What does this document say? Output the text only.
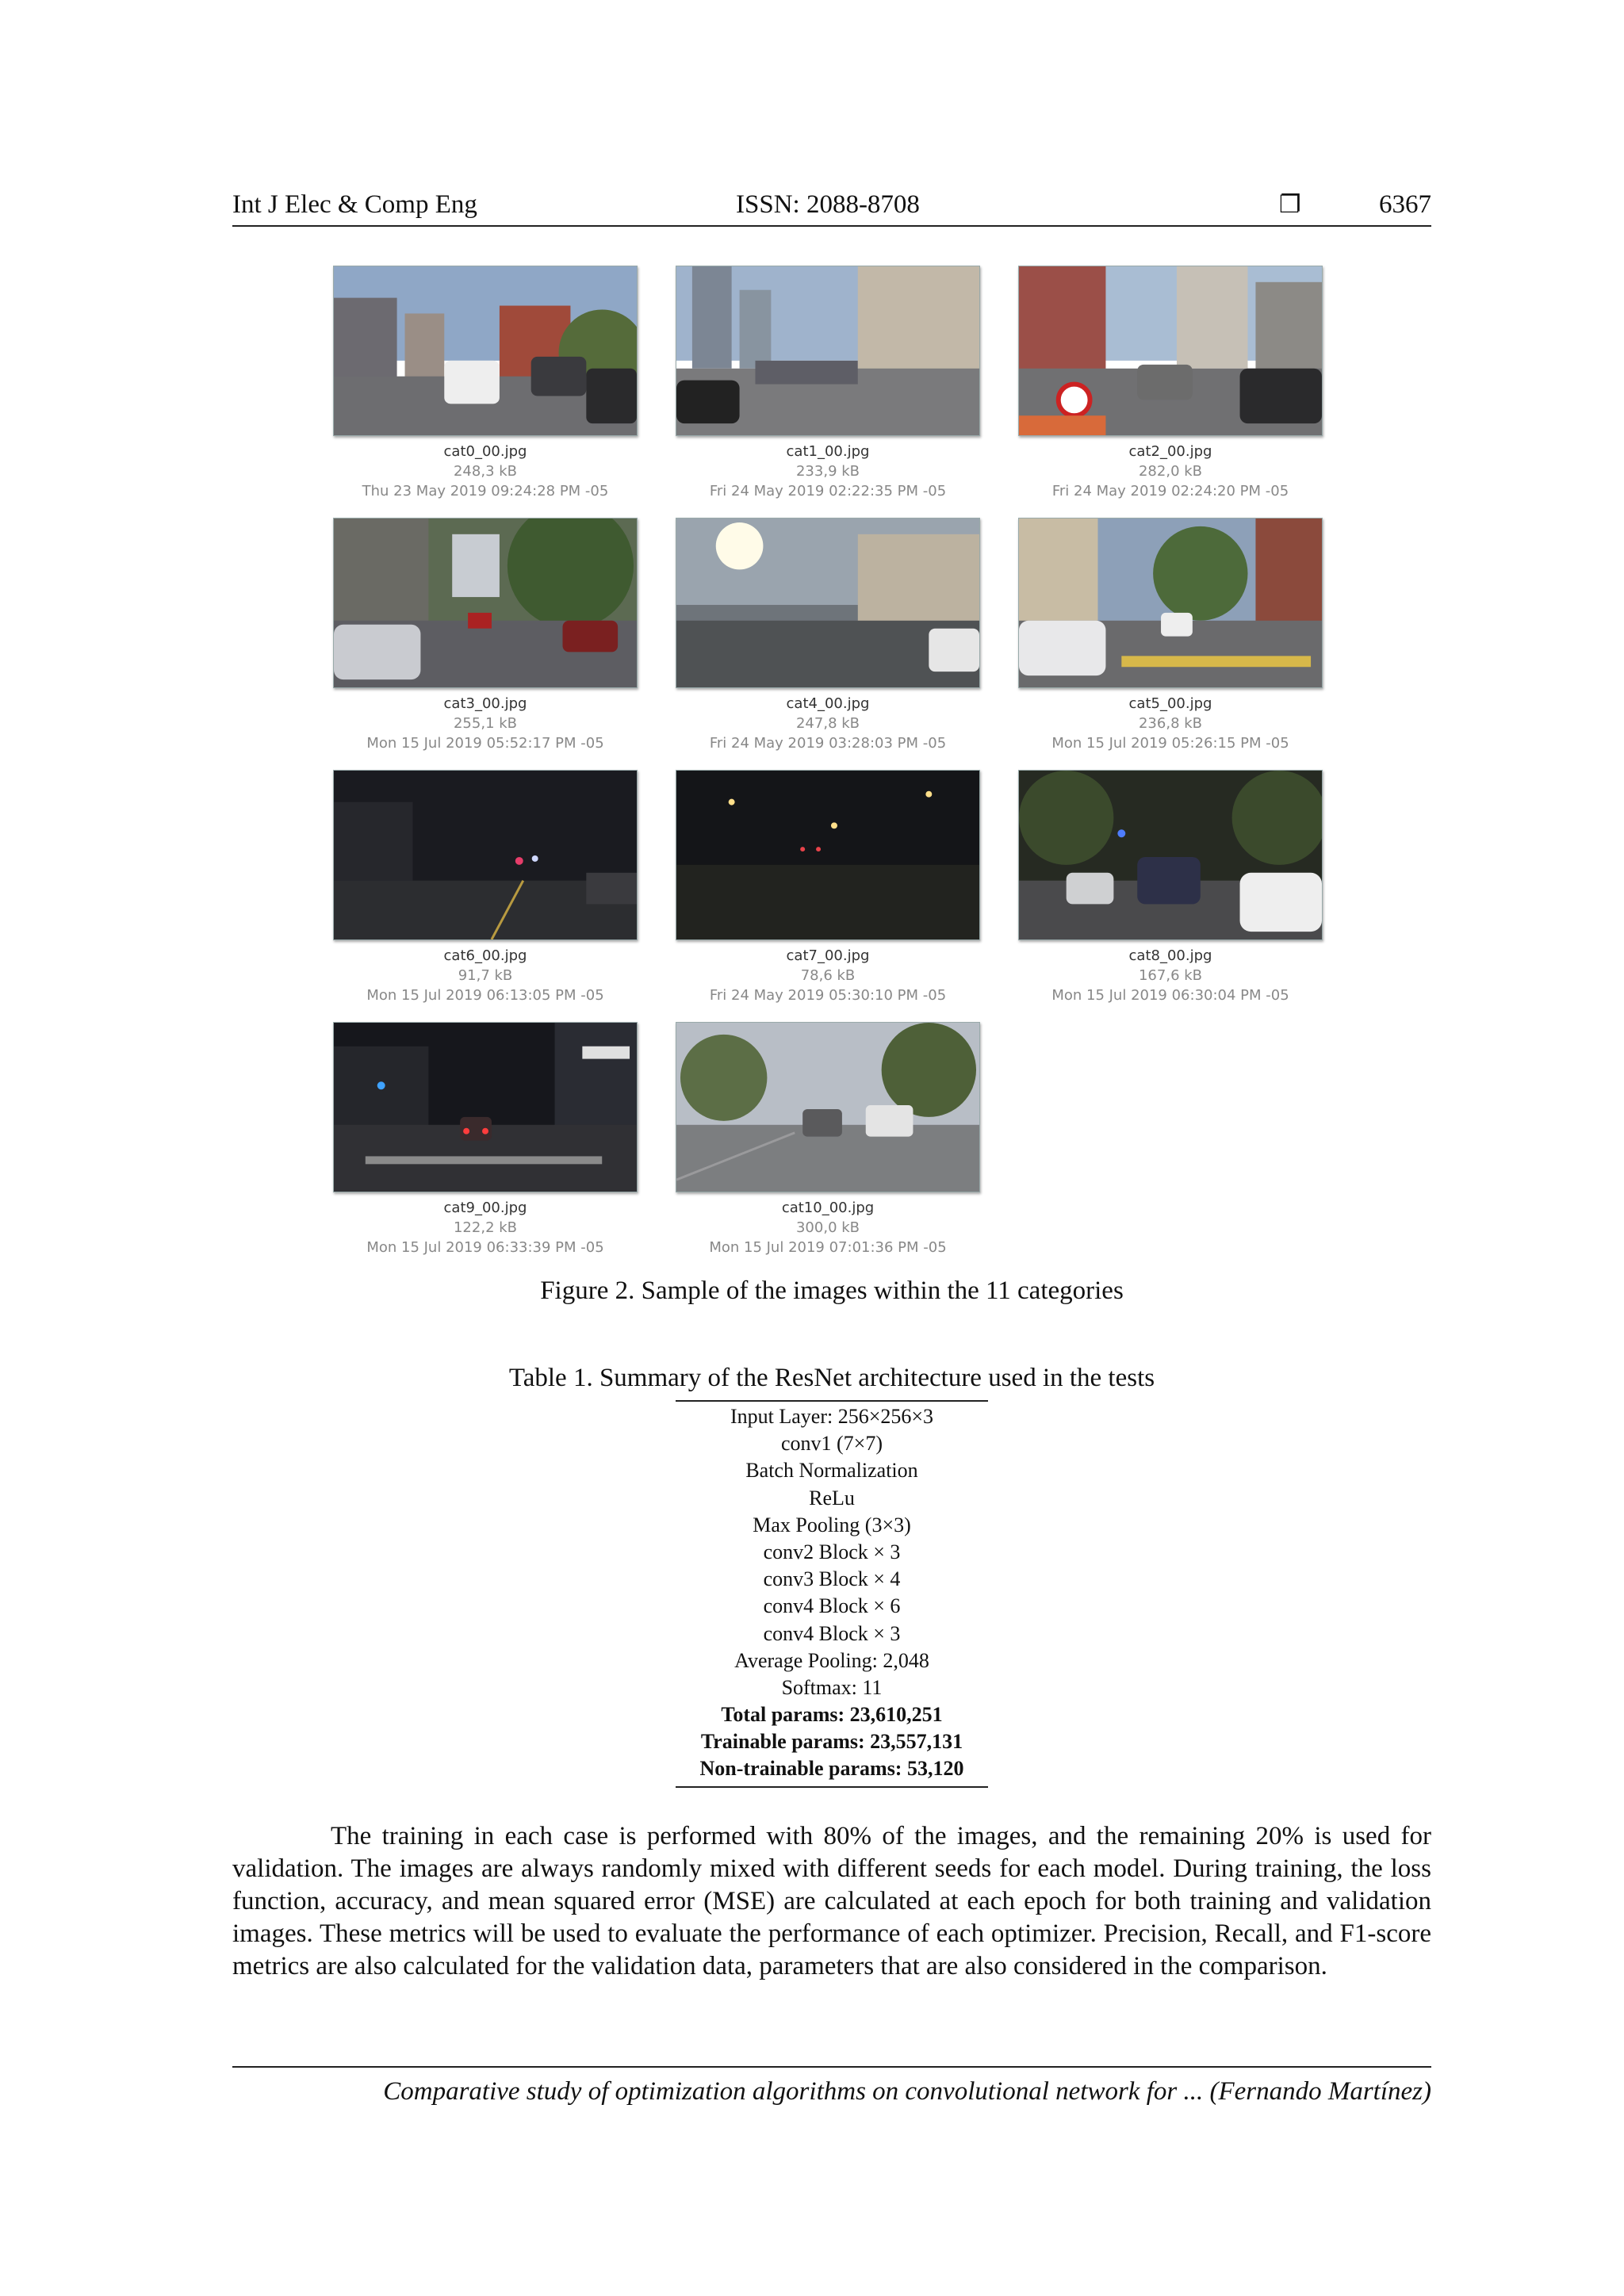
Int J Elec & Comp Eng	ISSN: 2088-8708	❐	6367
cat0_00.jpg
248,3 kB
Thu 23 May 2019 09:24:28 PM -05
cat1_00.jpg
233,9 kB
Fri 24 May 2019 02:22:35 PM -05
cat2_00.jpg
282,0 kB
Fri 24 May 2019 02:24:20 PM -05
cat3_00.jpg
255,1 kB
Mon 15 Jul 2019 05:52:17 PM -05
cat4_00.jpg
247,8 kB
Fri 24 May 2019 03:28:03 PM -05
cat5_00.jpg
236,8 kB
Mon 15 Jul 2019 05:26:15 PM -05
cat6_00.jpg
91,7 kB
Mon 15 Jul 2019 06:13:05 PM -05
cat7_00.jpg
78,6 kB
Fri 24 May 2019 05:30:10 PM -05
cat8_00.jpg
167,6 kB
Mon 15 Jul 2019 06:30:04 PM -05
cat9_00.jpg
122,2 kB
Mon 15 Jul 2019 06:33:39 PM -05
cat10_00.jpg
300,0 kB
Mon 15 Jul 2019 07:01:36 PM -05
Figure 2. Sample of the images within the 11 categories
Table 1. Summary of the ResNet architecture used in the tests
Input Layer: 256×256×3
conv1 (7×7)
Batch Normalization
ReLu
Max Pooling (3×3)
conv2 Block × 3
conv3 Block × 4
conv4 Block × 6
conv4 Block × 3
Average Pooling: 2,048
Softmax: 11
Total params: 23,610,251
Trainable params: 23,557,131
Non-trainable params: 53,120

The training in each case is performed with 80% of the images, and the remaining 20% is used for validation. The images are always randomly mixed with different seeds for each model. During training, the loss function, accuracy, and mean squared error (MSE) are calculated at each epoch for both training and validation images. These metrics will be used to evaluate the performance of each optimizer. Precision, Recall, and F1-score metrics are also calculated for the validation data, parameters that are also considered in the comparison.

Comparative study of optimization algorithms on convolutional network for ... (Fernando Martínez)
